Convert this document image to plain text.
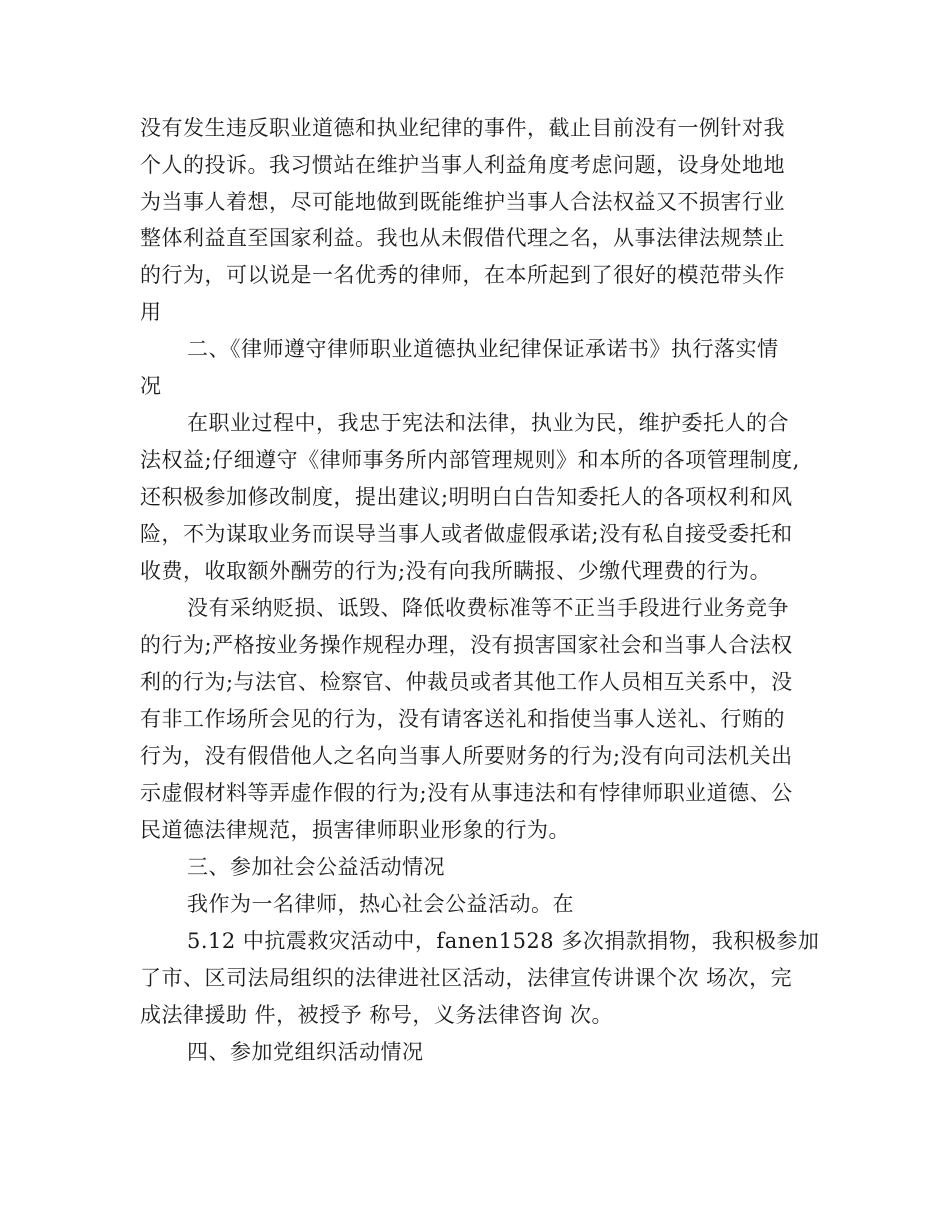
没有发生违反职业道德和执业纪律的事件，截止目前没有一例针对我
个人的投诉。我习惯站在维护当事人利益角度考虑问题，设身处地地
为当事人着想，尽可能地做到既能维护当事人合法权益又不损害行业
整体利益直至国家利益。我也从未假借代理之名，从事法律法规禁止
的行为，可以说是一名优秀的律师，在本所起到了很好的模范带头作
用
二、《律师遵守律师职业道德执业纪律保证承诺书》执行落实情
况
在职业过程中，我忠于宪法和法律，执业为民，维护委托人的合
法权益;仔细遵守《律师事务所内部管理规则》和本所的各项管理制度,
还积极参加修改制度，提出建议;明明白白告知委托人的各项权利和风
险，不为谋取业务而误导当事人或者做虚假承诺;没有私自接受委托和
收费，收取额外酬劳的行为;没有向我所瞒报、少缴代理费的行为。
没有采纳贬损、诋毁、降低收费标准等不正当手段进行业务竞争
的行为;严格按业务操作规程办理，没有损害国家社会和当事人合法权
利的行为;与法官、检察官、仲裁员或者其他工作人员相互关系中，没
有非工作场所会见的行为，没有请客送礼和指使当事人送礼、行贿的
行为，没有假借他人之名向当事人所要财务的行为;没有向司法机关出
示虚假材料等弄虚作假的行为;没有从事违法和有悖律师职业道德、公
民道德法律规范，损害律师职业形象的行为。
三、参加社会公益活动情况
我作为一名律师，热心社会公益活动。在
5.12 中抗震救灾活动中，fanen1528 多次捐款捐物，我积极参加
了市、区司法局组织的法律进社区活动，法律宣传讲课个次 场次，完
成法律援助 件，被授予 称号，义务法律咨询 次。
四、参加党组织活动情况
